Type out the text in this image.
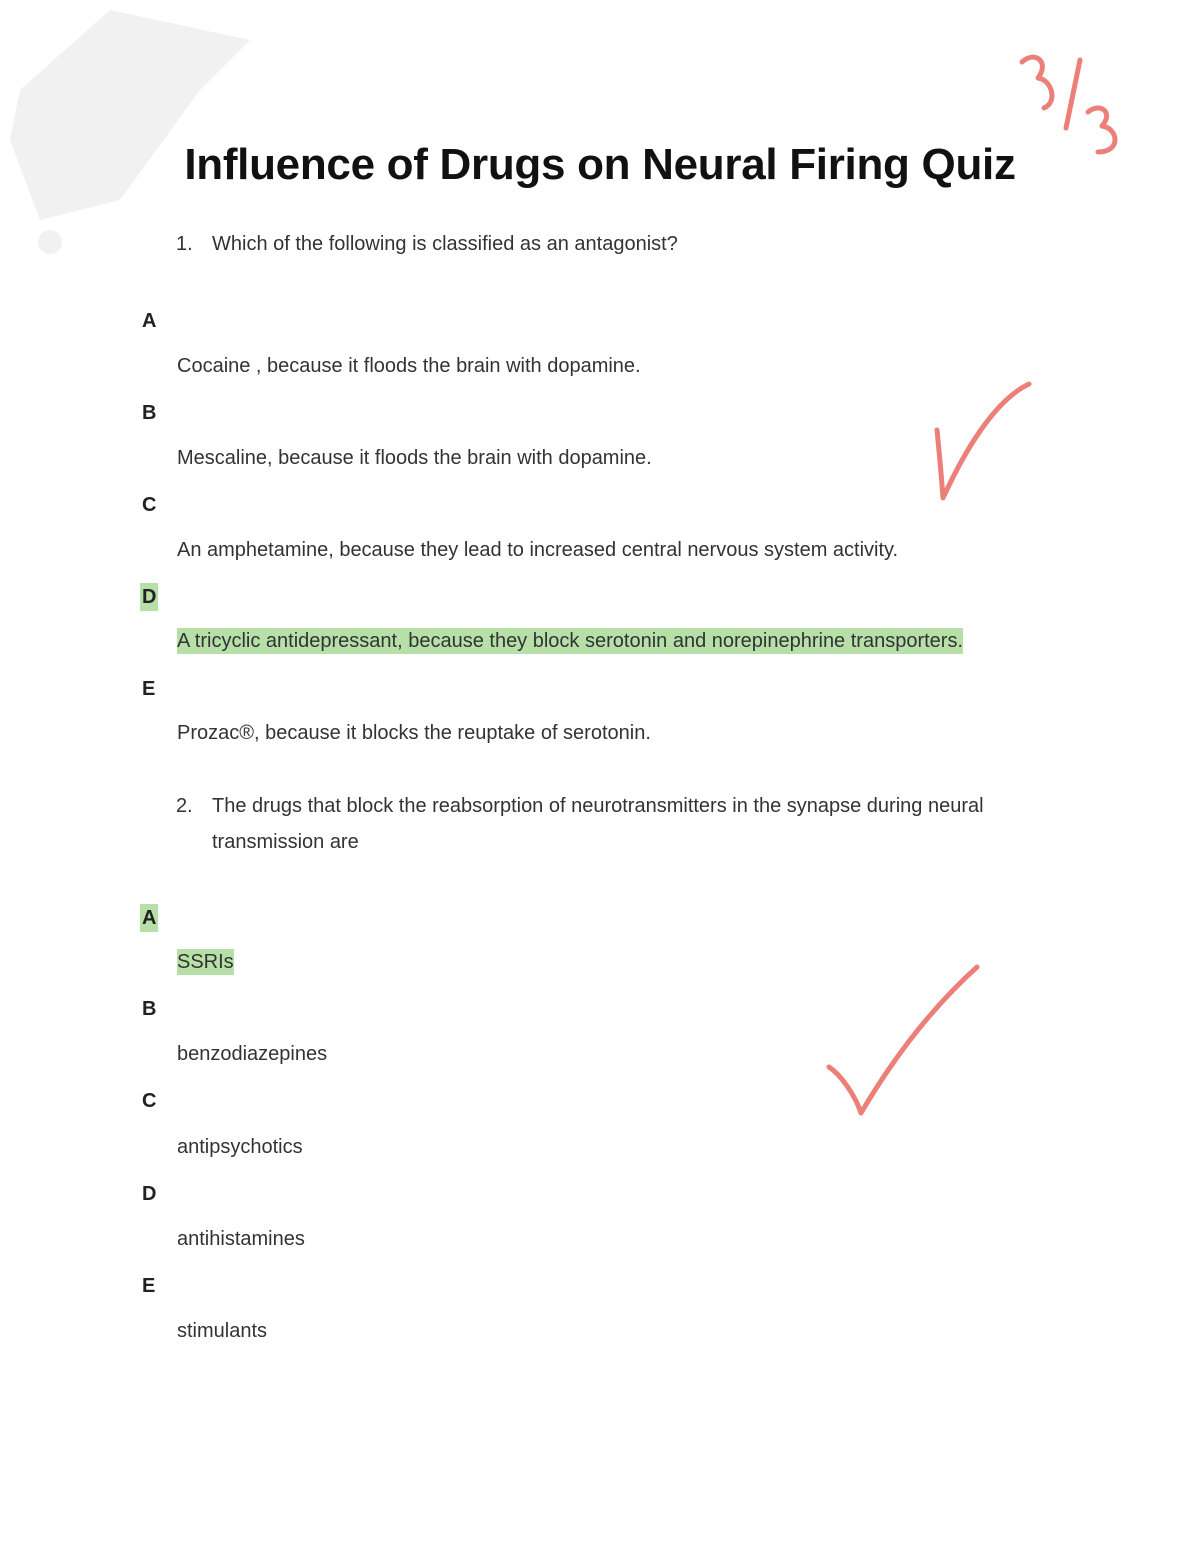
Influence of Drugs on Neural Firing Quiz
1. Which of the following is classified as an antagonist?
A
Cocaine , because it floods the brain with dopamine.
B
Mescaline, because it floods the brain with dopamine.
C
An amphetamine, because they lead to increased central nervous system activity.
D
A tricyclic antidepressant, because they block serotonin and norepinephrine transporters.
E
Prozac®, because it blocks the reuptake of serotonin.
2. The drugs that block the reabsorption of neurotransmitters in the synapse during neural
transmission are
A
SSRIs
B
benzodiazepines
C
antipsychotics
D
antihistamines
E
stimulants
